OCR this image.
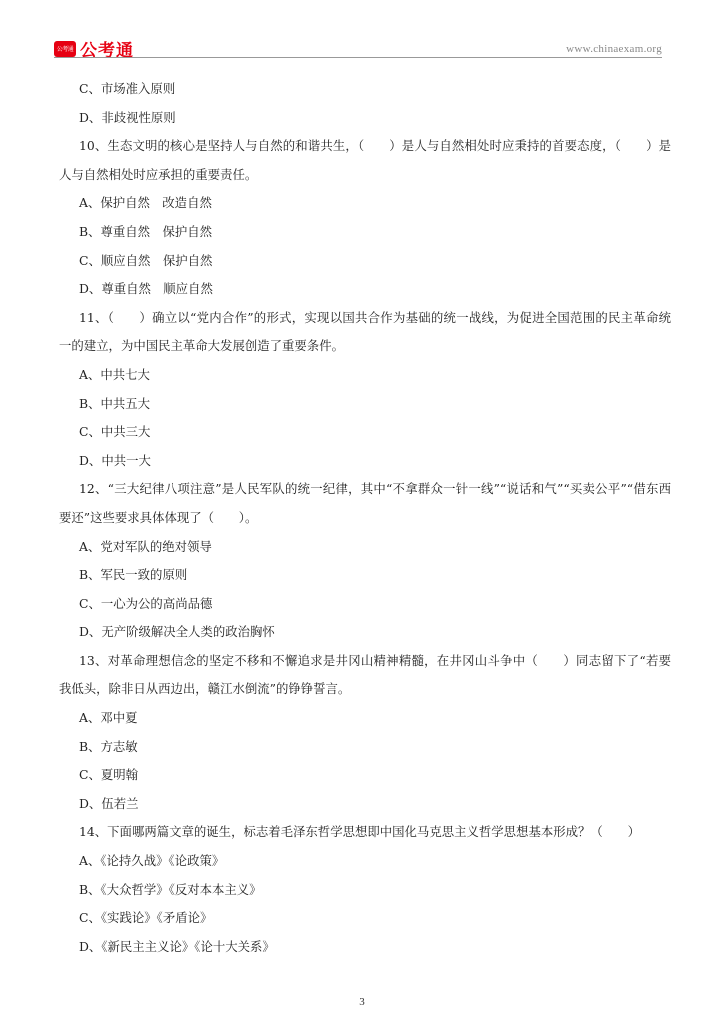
公考通 公考通	www.chinaexam.org
C、市场准入原则
D、非歧视性原则
10、生态文明的核心是坚持人与自然的和谐共生，（　　）是人与自然相处时应秉持的首要态度，（　　）是人与自然相处时应承担的重要责任。
A、保护自然　改造自然
B、尊重自然　保护自然
C、顺应自然　保护自然
D、尊重自然　顺应自然
11、（　　）确立以“党内合作”的形式，实现以国共合作为基础的统一战线，为促进全国范围的民主革命统一的建立，为中国民主革命大发展创造了重要条件。
A、中共七大
B、中共五大
C、中共三大
D、中共一大
12、“三大纪律八项注意”是人民军队的统一纪律，其中“不拿群众一针一线”“说话和气”“买卖公平”“借东西要还”这些要求具体体现了（　　）。
A、党对军队的绝对领导
B、军民一致的原则
C、一心为公的高尚品德
D、无产阶级解决全人类的政治胸怀
13、对革命理想信念的坚定不移和不懈追求是井冈山精神精髓，在井冈山斗争中（　　）同志留下了“若要我低头，除非日从西边出，赣江水倒流”的铮铮誓言。
A、邓中夏
B、方志敏
C、夏明翰
D、伍若兰
14、下面哪两篇文章的诞生，标志着毛泽东哲学思想即中国化马克思主义哲学思想基本形成？（　　）
A、《论持久战》《论政策》
B、《大众哲学》《反对本本主义》
C、《实践论》《矛盾论》
D、《新民主主义论》《论十大关系》
3
